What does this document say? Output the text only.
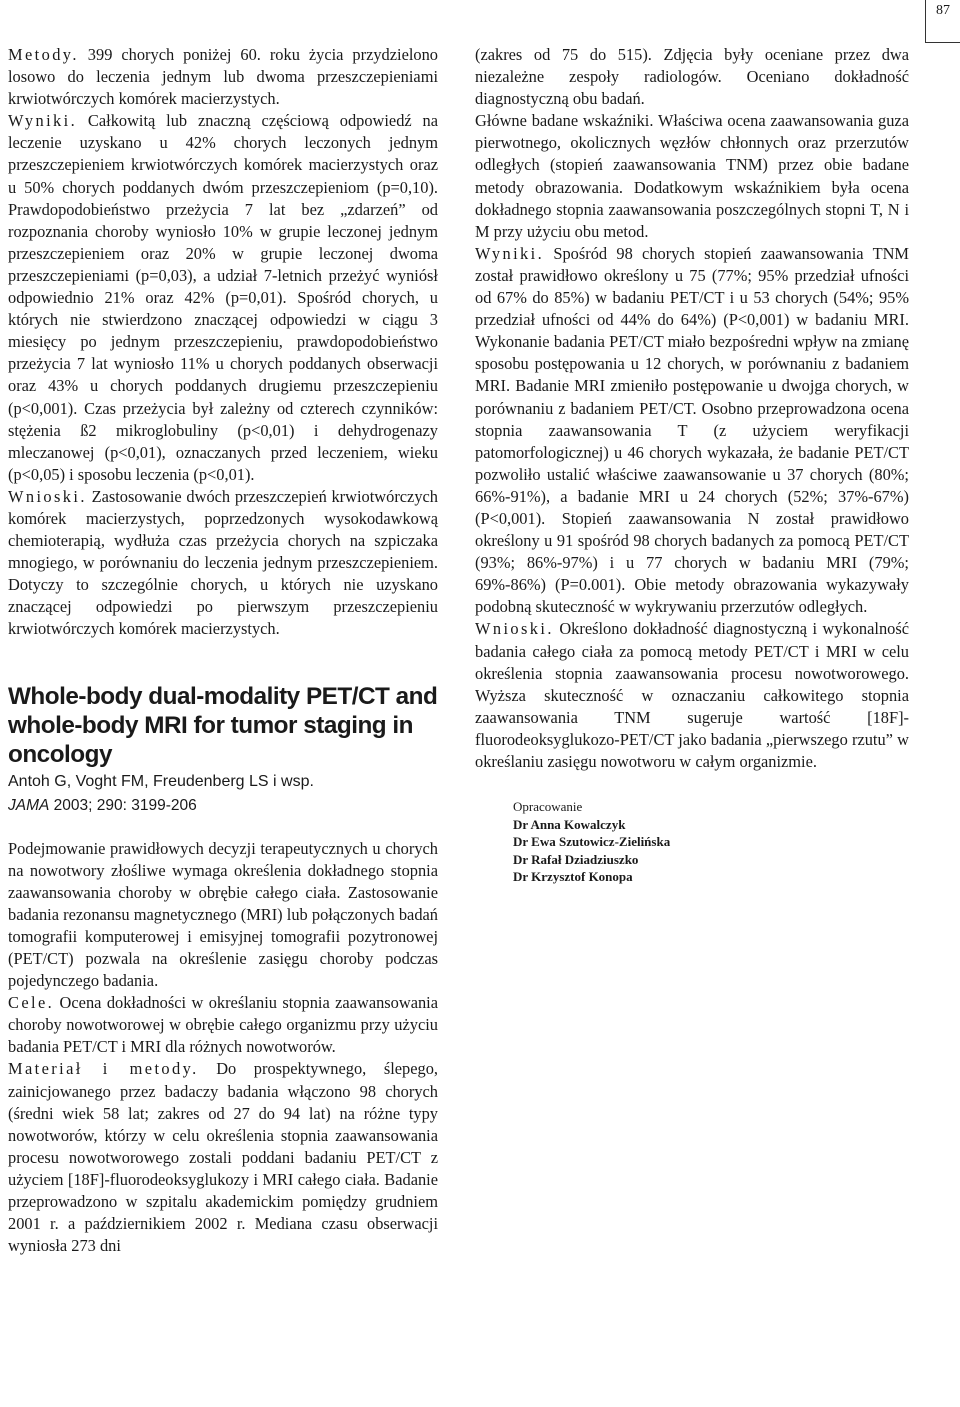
87

Metody. 399 chorych poniżej 60. roku życia przydzielono losowo do leczenia jednym lub dwoma przeszczepieniami krwiotwórczych komórek macierzystych.

Wyniki. Całkowitą lub znaczną częściową odpowiedź na leczenie uzyskano u 42% chorych leczonych jednym przeszczepieniem krwiotwórczych komórek macierzystych oraz u 50% chorych poddanych dwóm przeszczepieniom (p=0,10). Prawdopodobieństwo przeżycia 7 lat bez „zdarzeń” od rozpoznania choroby wyniosło 10% w grupie leczonej jednym przeszczepieniem oraz 20% w grupie leczonej dwoma przeszczepieniami (p=0,03), a udział 7-letnich przeżyć wyniósł odpowiednio 21% oraz 42% (p=0,01). Spośród chorych, u których nie stwierdzono znaczącej odpowiedzi w ciągu 3 miesięcy po jednym przeszczepieniu, prawdopodobieństwo przeżycia 7 lat wyniosło 11% u chorych poddanych obserwacji oraz 43% u chorych poddanych drugiemu przeszczepieniu (p<0,001). Czas przeżycia był zależny od czterech czynników: stężenia ß2 mikroglobuliny (p<0,01) i dehydrogenazy mleczanowej (p<0,01), oznaczanych przed leczeniem, wieku (p<0,05) i sposobu leczenia (p<0,01).

Wnioski. Zastosowanie dwóch przeszczepień krwiotwórczych komórek macierzystych, poprzedzonych wysokodawkową chemioterapią, wydłuża czas przeżycia chorych na szpiczaka mnogiego, w porównaniu do leczenia jednym przeszczepieniem. Dotyczy to szczególnie chorych, u których nie uzyskano znaczącej odpowiedzi po pierwszym przeszczepieniu krwiotwórczych komórek macierzystych.

Whole-body dual-modality PET/CT and whole-body MRI for tumor staging in oncology
Antoh G, Voght FM, Freudenberg LS i wsp.
JAMA 2003; 290: 3199-206

Podejmowanie prawidłowych decyzji terapeutycznych u chorych na nowotwory złośliwe wymaga określenia dokładnego stopnia zaawansowania choroby w obrębie całego ciała. Zastosowanie badania rezonansu magnetycznego (MRI) lub połączonych badań tomografii komputerowej i emisyjnej tomografii pozytronowej (PET/CT) pozwala na określenie zasięgu choroby podczas pojedynczego badania.

Cele. Ocena dokładności w określaniu stopnia zaawansowania choroby nowotworowej w obrębie całego organizmu przy użyciu badania PET/CT i MRI dla różnych nowotworów.

Materiał i metody. Do prospektywnego, ślepego, zainicjowanego przez badaczy badania włączono 98 chorych (średni wiek 58 lat; zakres od 27 do 94 lat) na różne typy nowotworów, którzy w celu określenia stopnia zaawansowania procesu nowotworowego zostali poddani badaniu PET/CT z użyciem [18F]-fluorodeoksyglukozy i MRI całego ciała. Badanie przeprowadzono w szpitalu akademickim pomiędzy grudniem 2001 r. a październikiem 2002 r. Mediana czasu obserwacji wyniosła 273 dni

(zakres od 75 do 515). Zdjęcia były oceniane przez dwa niezależne zespoły radiologów. Oceniano dokładność diagnostyczną obu badań.

Główne badane wskaźniki. Właściwa ocena zaawansowania guza pierwotnego, okolicznych węzłów chłonnych oraz przerzutów odległych (stopień zaawansowania TNM) przez obie badane metody obrazowania. Dodatkowym wskaźnikiem była ocena dokładnego stopnia zaawansowania poszczególnych stopni T, N i M przy użyciu obu metod.

Wyniki. Spośród 98 chorych stopień zaawansowania TNM został prawidłowo określony u 75 (77%; 95% przedział ufności od 67% do 85%) w badaniu PET/CT i u 53 chorych (54%; 95% przedział ufności od 44% do 64%) (P<0,001) w badaniu MRI. Wykonanie badania PET/CT miało bezpośredni wpływ na zmianę sposobu postępowania u 12 chorych, w porównaniu z badaniem MRI. Badanie MRI zmieniło postępowanie u dwojga chorych, w porównaniu z badaniem PET/CT. Osobno przeprowadzona ocena stopnia zaawansowania T (z użyciem weryfikacji patomorfologicznej) u 46 chorych wykazała, że badanie PET/CT pozwoliło ustalić właściwe zaawansowanie u 37 chorych (80%; 66%-91%), a badanie MRI u 24 chorych (52%; 37%-67%) (P<0,001). Stopień zaawansowania N został prawidłowo określony u 91 spośród 98 chorych badanych za pomocą PET/CT (93%; 86%-97%) i u 77 chorych w badaniu MRI (79%; 69%-86%) (P=0.001). Obie metody obrazowania wykazywały podobną skuteczność w wykrywaniu przerzutów odległych.

Wnioski. Określono dokładność diagnostyczną i wykonalność badania całego ciała za pomocą metody PET/CT i MRI w celu określenia stopnia zaawansowania procesu nowotworowego. Wyższa skuteczność w oznaczaniu całkowitego stopnia zaawansowania TNM sugeruje wartość [18F]-fluorodeoksyglukozo-PET/CT jako badania „pierwszego rzutu” w określaniu zasięgu nowotworu w całym organizmie.

Opracowanie
Dr Anna Kowalczyk
Dr Ewa Szutowicz-Zielińska
Dr Rafał Dziadziuszko
Dr Krzysztof Konopa
